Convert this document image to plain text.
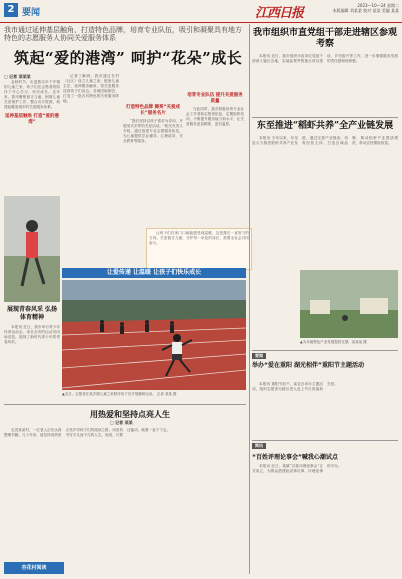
2 要闻	江西日报
2023—10—24 星期二
本版编辑 刘某某 校对 某某 美编 某某
我市通过延伸基层触角，打造特色品牌，培育专业队伍，吸引和凝聚具有地方特色的志愿服务人协同关爱服务体系
筑起“爱的港湾” 呵护“花朵”成长
□ 记者 某某某

金秋时节，走进我市多个乡镇的儿童之家，孩子们在志愿者的陪伴下开心学习、快乐成长。近年来，我市聚焦留守儿童、困境儿童关爱保护工作，整合各方资源，构建起覆盖城乡的关爱服务体系。

延伸基层触角 打造“爱的港湾”

记者了解到，我市通过在村（社区）设立儿童之家，配备儿童主任，延伸服务触角，将关爱服务送到孩子们身边。各地因地制宜，打造了一批各具特色的关爱服务阵地。

打造特色品牌 擦亮“关爱成长”服务名片

“我们坚持以孩子需求为导向，开展形式多样的关爱活动。”相关负责人介绍，通过组建专业志愿服务队伍，为儿童提供学业辅导、心理疏导、安全教育等服务。

培育专业队伍 提升关爱服务质量

与此同时，我市积极培育专业社会工作者和志愿者队伍，定期组织培训，不断提升服务能力和水平，让关爱服务更加精准、更有温度。

让孩子们在家门口就能感受到温暖，这是我们一直努力的方向。关爱留守儿童，守护每一朵花的成长，需要全社会共同参与。

让爱传递 让温暖 让孩子们快乐成长
▲近日，志愿者在某乡镇儿童之家陪伴孩子们开展趣味运动。 记者 某某 摄
展现青春风采 弘扬体育精神

本报讯 近日，我市举行青少年体育运动会，来自全市的运动员同场竞技，展现了新时代青少年的青春风采。

用热爱和坚持点亮人生
□ 记者 某某

走进某某村，一位老人正在认真整理书籍。几十年来，他坚持用热爱点亮乡村孩子们的阅读之路，用坚持书写平凡而不凡的人生。他说，只要还能动，就要一直干下去。

杏花村阅读
我市组织市直党组干部走进辖区参观考察

本报讯 近日，我市组织市直单位党组干部深入辖区各地，实地参观考察重点项目建设、乡村振兴等工作，进一步增强服务发展的责任感和使命感。

东至推进“稻虾共养”全产业链发展

本报讯 今年以来，东至县大力推进稻虾共养产业发展，通过完善产业链条、培育经营主体、打造区域品牌，推动稻虾产业提质增效，带动农民增收致富。

▲为本地特色产业发展提供支撑，某某某 摄
要闻
举办“爱在重阳 湖光相伴”重阳节主题活动

本报讯 重阳节前夕，某社区举办主题活动，组织志愿者为辖区老人送上节日祝福和关爱。

简讯
“百姓评理论事会”喊我心潮试点

本报讯 近日，某镇“百姓评理论事会”正式成立，为群众搭建起说事议事、评理论事的平台。
